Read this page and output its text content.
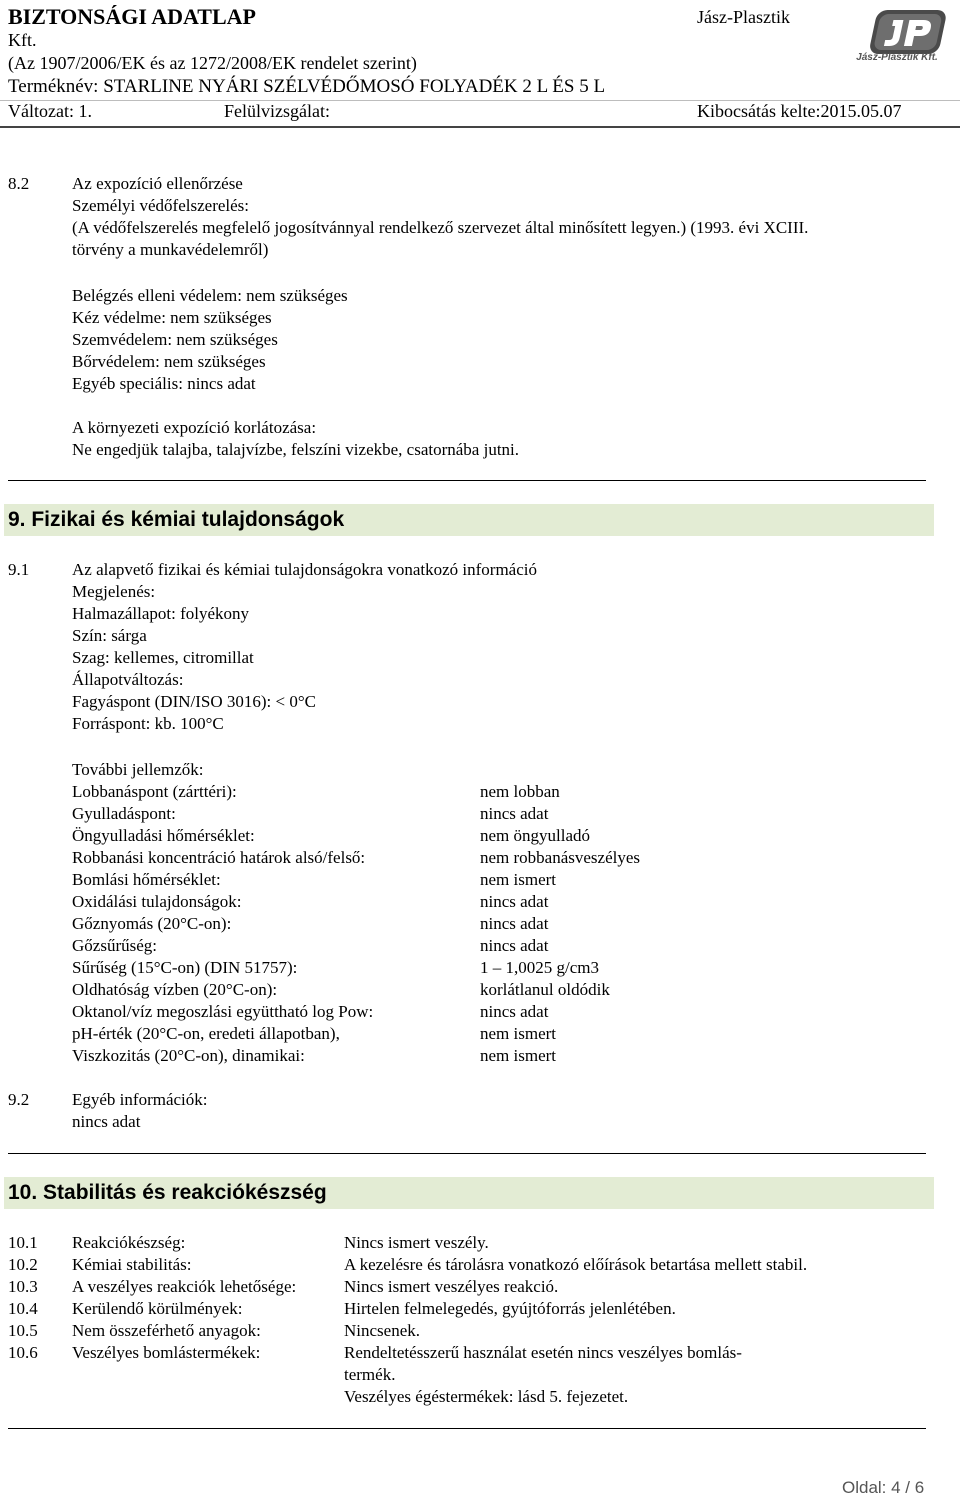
BIZTONSÁGI ADATLAP	Jász-Plasztik
Kft.
(Az 1907/2006/EK és az 1272/2008/EK rendelet szerint)
Terméknév: STARLINE NYÁRI SZÉLVÉDŐMOSÓ FOLYADÉK 2 L ÉS 5 L
Változat: 1.	Felülvizsgálat:	Kibocsátás kelte:2015.05.07
Jász-Plasztik Kft.
8.2	Az expozíció ellenőrzése
Személyi védőfelszerelés:
(A védőfelszerelés megfelelő jogosítvánnyal rendelkező szervezet által minősített legyen.) (1993. évi XCIII.
törvény a munkavédelemről)
Belégzés elleni védelem: nem szükséges
Kéz védelme: nem szükséges
Szemvédelem: nem szükséges
Bőrvédelem: nem szükséges
Egyéb speciális: nincs adat
A környezeti expozíció korlátozása:
Ne engedjük talajba, talajvízbe, felszíni vizekbe, csatornába jutni.
9. Fizikai és kémiai tulajdonságok
9.1	Az alapvető fizikai és kémiai tulajdonságokra vonatkozó információ
Megjelenés:
Halmazállapot: folyékony
Szín: sárga
Szag: kellemes, citromillat
Állapotváltozás:
Fagyáspont (DIN/ISO 3016): < 0°C
Forráspont: kb. 100°C
További jellemzők:
Lobbanáspont (zárttéri):	nem lobban
Gyulladáspont:	nincs adat
Öngyulladási hőmérséklet:	nem öngyulladó
Robbanási koncentráció határok alsó/felső:	nem robbanásveszélyes
Bomlási hőmérséklet:	nem ismert
Oxidálási tulajdonságok:	nincs adat
Gőznyomás (20°C-on):	nincs adat
Gőzsűrűség:	nincs adat
Sűrűség (15°C-on) (DIN 51757):	1 – 1,0025 g/cm3
Oldhatóság vízben (20°C-on):	korlátlanul oldódik
Oktanol/víz megoszlási együttható log Pow:	nincs adat
pH-érték (20°C-on, eredeti állapotban),	nem ismert
Viszkozitás (20°C-on), dinamikai:	nem ismert
9.2	Egyéb információk:
nincs adat
10. Stabilitás és reakciókészség
10.1 Reakciókészség:	Nincs ismert veszély.
10.2 Kémiai stabilitás:	A kezelésre és tárolásra vonatkozó előírások betartása mellett stabil.
10.3 A veszélyes reakciók lehetősége:	Nincs ismert veszélyes reakció.
10.4 Kerülendő körülmények:	Hirtelen felmelegedés, gyújtóforrás jelenlétében.
10.5 Nem összeférhető anyagok:	Nincsenek.
10.6 Veszélyes bomlástermékek:	Rendeltetésszerű használat esetén nincs veszélyes bomlás-
termék.
Veszélyes égéstermékek: lásd 5. fejezetet.
Oldal: 4 / 6
